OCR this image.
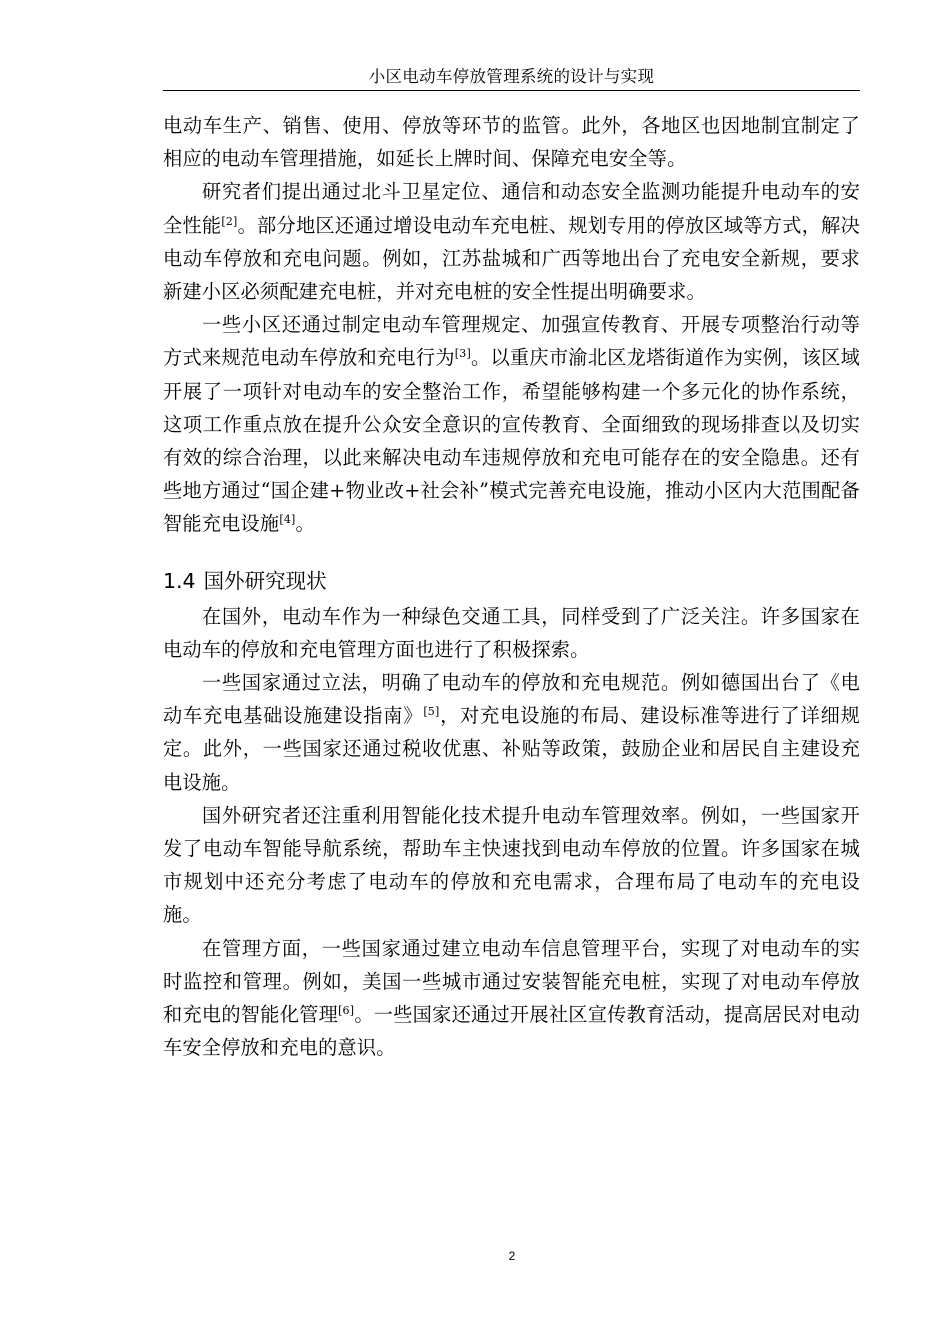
小区电动车停放管理系统的设计与实现

电动车生产、销售、使用、停放等环节的监管。此外，各地区也因地制宜制定了相应的电动车管理措施，如延长上牌时间、保障充电安全等。

研究者们提出通过北斗卫星定位、通信和动态安全监测功能提升电动车的安全性能[2]。部分地区还通过增设电动车充电桩、规划专用的停放区域等方式，解决电动车停放和充电问题。例如，江苏盐城和广西等地出台了充电安全新规，要求新建小区必须配建充电桩，并对充电桩的安全性提出明确要求。

一些小区还通过制定电动车管理规定、加强宣传教育、开展专项整治行动等方式来规范电动车停放和充电行为[3]。以重庆市渝北区龙塔街道作为实例，该区域开展了一项针对电动车的安全整治工作，希望能够构建一个多元化的协作系统，这项工作重点放在提升公众安全意识的宣传教育、全面细致的现场排查以及切实有效的综合治理，以此来解决电动车违规停放和充电可能存在的安全隐患。还有些地方通过“国企建+物业改+社会补”模式完善充电设施，推动小区内大范围配备智能充电设施[4]。

1.4 国外研究现状

在国外，电动车作为一种绿色交通工具，同样受到了广泛关注。许多国家在电动车的停放和充电管理方面也进行了积极探索。

一些国家通过立法，明确了电动车的停放和充电规范。例如德国出台了《电动车充电基础设施建设指南》[5]，对充电设施的布局、建设标准等进行了详细规定。此外，一些国家还通过税收优惠、补贴等政策，鼓励企业和居民自主建设充电设施。

国外研究者还注重利用智能化技术提升电动车管理效率。例如，一些国家开发了电动车智能导航系统，帮助车主快速找到电动车停放的位置。许多国家在城市规划中还充分考虑了电动车的停放和充电需求，合理布局了电动车的充电设施。

在管理方面，一些国家通过建立电动车信息管理平台，实现了对电动车的实时监控和管理。例如，美国一些城市通过安装智能充电桩，实现了对电动车停放和充电的智能化管理[6]。一些国家还通过开展社区宣传教育活动，提高居民对电动车安全停放和充电的意识。

2
